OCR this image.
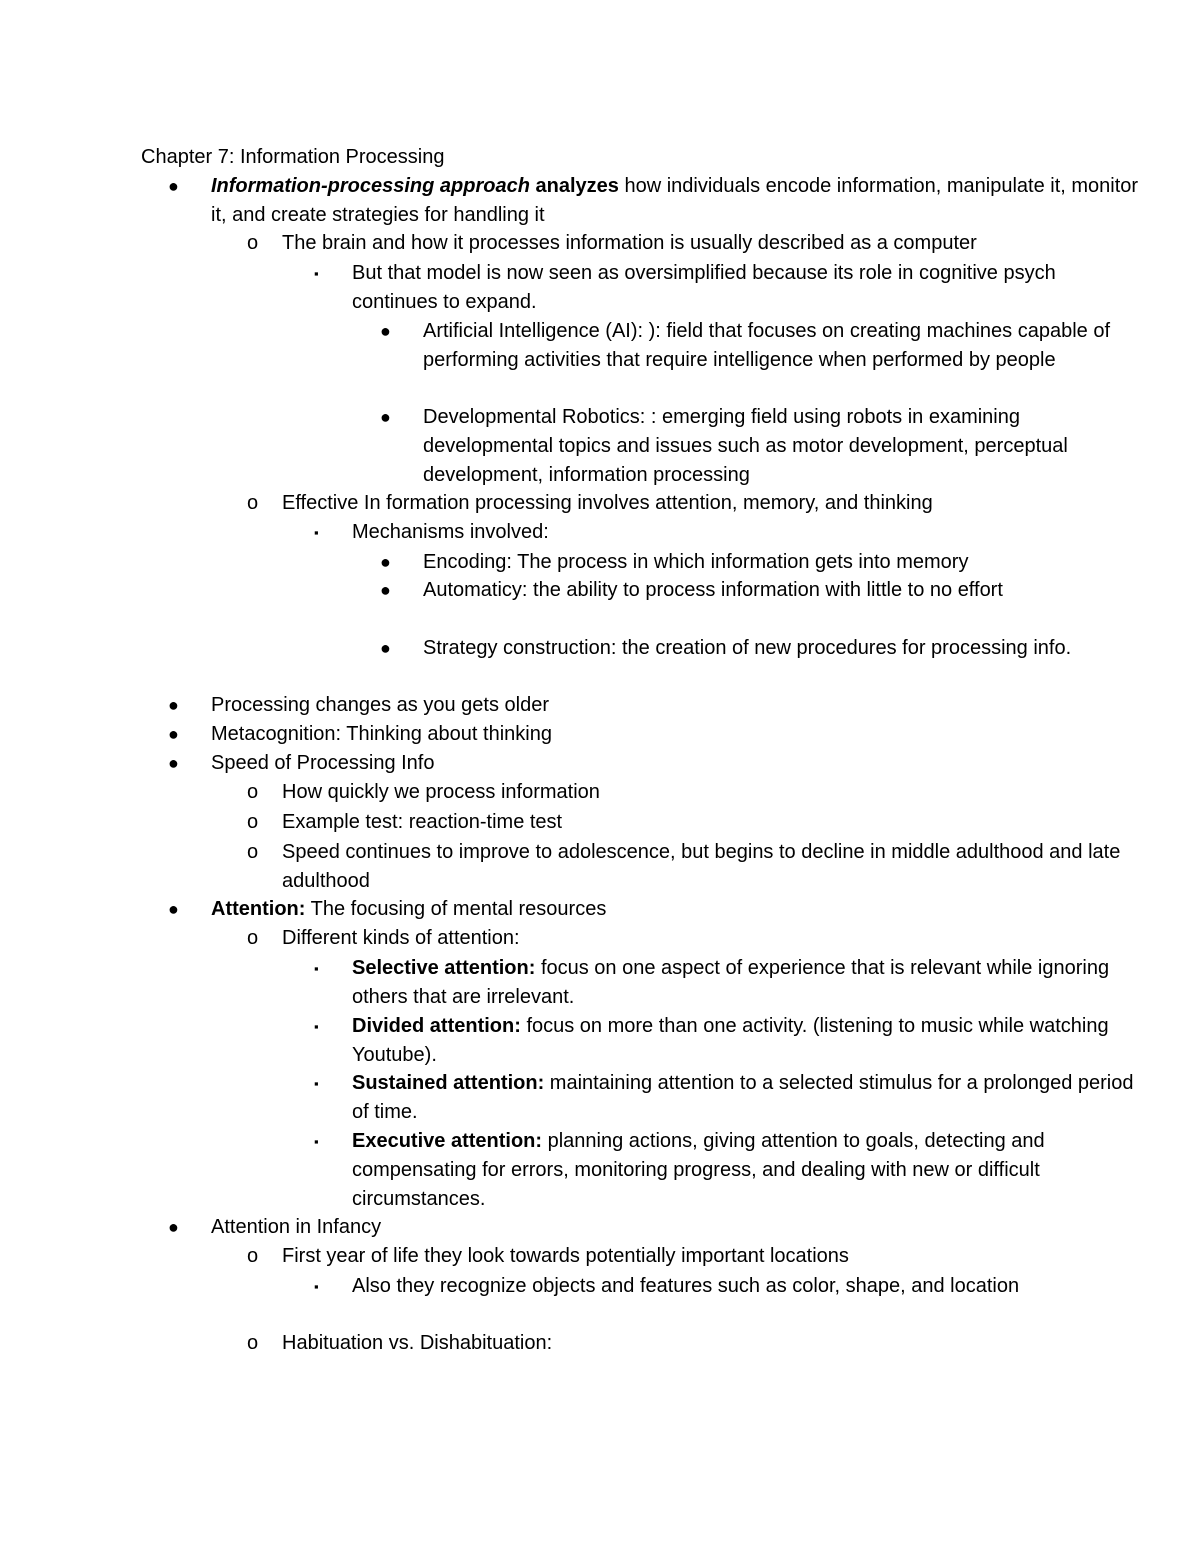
Chapter 7: Information Processing
● Information-processing approach analyzes how individuals encode information, manipulate it, monitor it, and create strategies for handling it
o The brain and how it processes information is usually described as a computer
▪ But that model is now seen as oversimplified because its role in cognitive psych continues to expand.
● Artificial Intelligence (AI): ): field that focuses on creating machines capable of performing activities that require intelligence when performed by people
● Developmental Robotics: : emerging field using robots in examining developmental topics and issues such as motor development, perceptual development, information processing
o Effective In formation processing involves attention, memory, and thinking
▪ Mechanisms involved:
● Encoding: The process in which information gets into memory
● Automaticy: the ability to process information with little to no effort
● Strategy construction: the creation of new procedures for processing info.
● Processing changes as you gets older
● Metacognition: Thinking about thinking
● Speed of Processing Info
o How quickly we process information
o Example test: reaction-time test
o Speed continues to improve to adolescence, but begins to decline in middle adulthood and late adulthood
● Attention: The focusing of mental resources
o Different kinds of attention:
▪ Selective attention: focus on one aspect of experience that is relevant while ignoring others that are irrelevant.
▪ Divided attention: focus on more than one activity. (listening to music while watching Youtube).
▪ Sustained attention: maintaining attention to a selected stimulus for a prolonged period of time.
▪ Executive attention: planning actions, giving attention to goals, detecting and compensating for errors, monitoring progress, and dealing with new or difficult circumstances.
● Attention in Infancy
o First year of life they look towards potentially important locations
▪ Also they recognize objects and features such as color, shape, and location
o Habituation vs. Dishabituation:
